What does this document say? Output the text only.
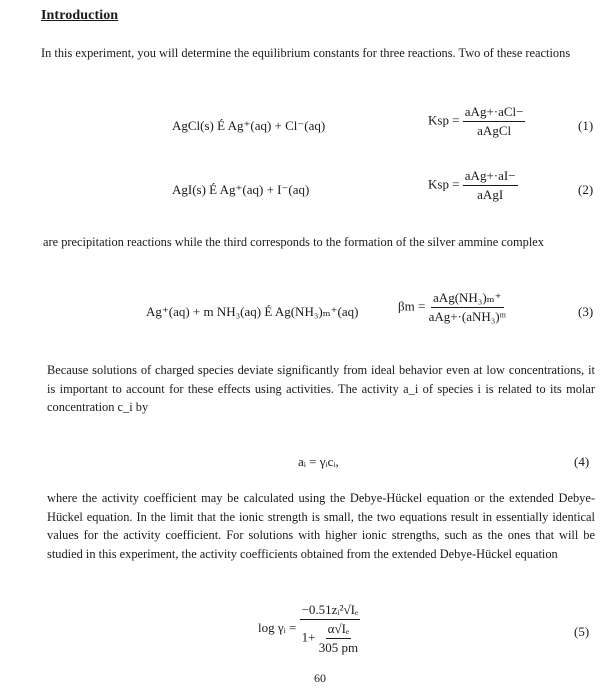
Introduction
In this experiment, you will determine the equilibrium constants for three reactions. Two of these reactions
AgCl(s) É Ag⁺(aq) + Cl⁻(aq)	Ksp = $\frac{\text{aAg+·aCl−}}{\text{aAgCl}}$	(1)
AgI(s) É Ag⁺(aq) + I⁻(aq)	Ksp = $\frac{\text{aAg+·aI−}}{\text{aAgI}}$	(2)
are precipitation reactions while the third corresponds to the formation of the silver ammine complex
Ag⁺(aq) + m NH₃(aq) É Ag(NH₃)ₘ⁺(aq)	$\beta m = \frac{\text{aAg(NH₃)ₘ⁺}}{\text{aAg+·(aNH₃)ᵐ}}$	(3)
Because solutions of charged species deviate significantly from ideal behavior even at low concentrations, it is important to account for these effects using activities. The activity a_i of species i is related to its molar concentration c_i by
aᵢ = γᵢcᵢ,	(4)
where the activity coefficient may be calculated using the Debye-Hückel equation or the extended Debye-Hückel equation. In the limit that the ionic strength is small, the two equations result in essentially identical values for the activity coefficient. For solutions with higher ionic strengths, such as the ones that will be studied in this experiment, the activity coefficients obtained from the extended Debye-Hückel equation
log γᵢ = $\frac{\text{−0.51zᵢ²√Iₑ}}{1+ \frac{\text{α√Iₑ}}{305 pm}}$	(5)
60
